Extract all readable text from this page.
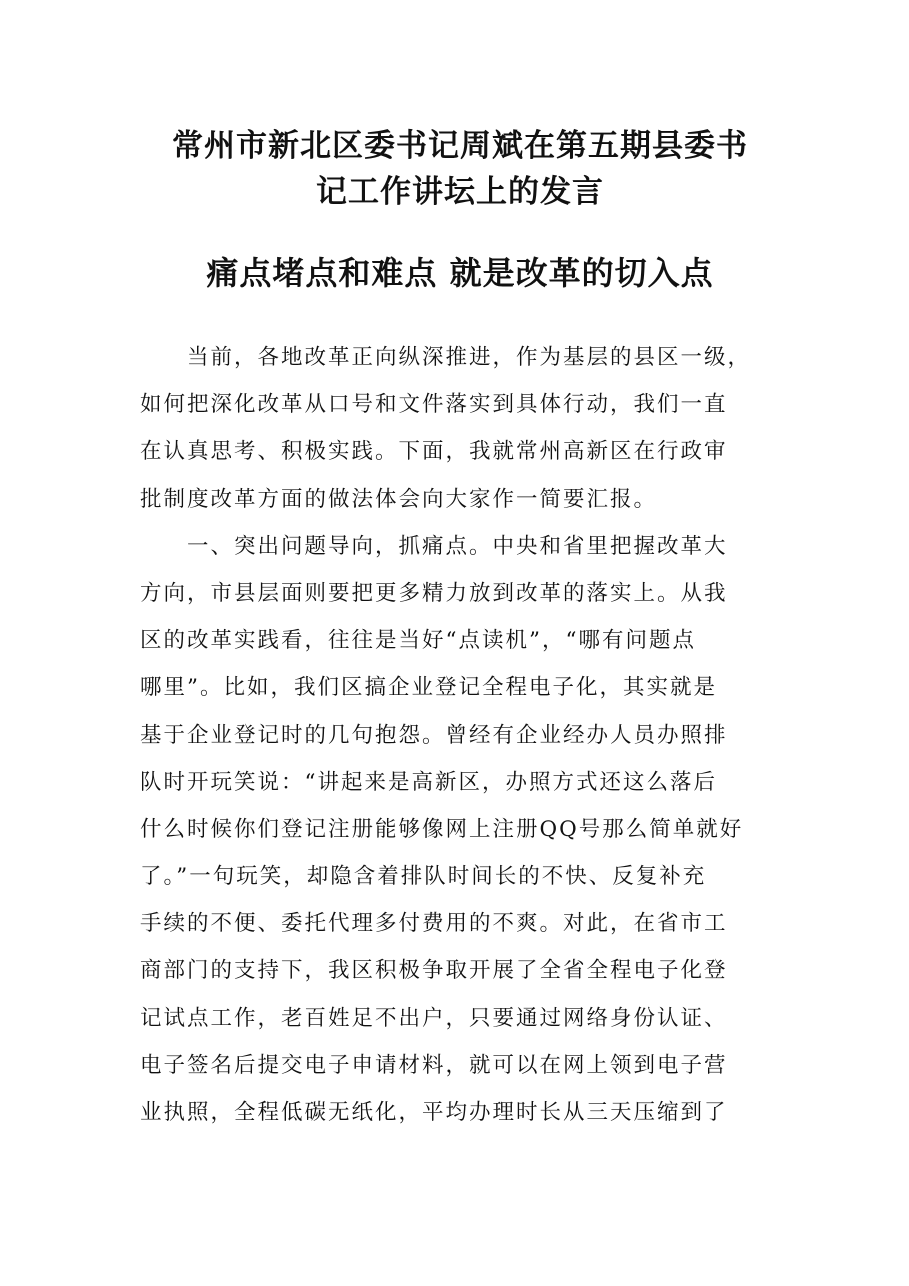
常州市新北区委书记周斌在第五期县委书
记工作讲坛上的发言
痛点堵点和难点 就是改革的切入点
　　当前，各地改革正向纵深推进，作为基层的县区一级，
如何把深化改革从口号和文件落实到具体行动，我们一直
在认真思考、积极实践。下面，我就常州高新区在行政审
批制度改革方面的做法体会向大家作一简要汇报。
　　一、突出问题导向，抓痛点。中央和省里把握改革大
方向，市县层面则要把更多精力放到改革的落实上。从我
区的改革实践看，往往是当好“点读机”，“哪有问题点
哪里”。比如，我们区搞企业登记全程电子化，其实就是
基于企业登记时的几句抱怨。曾经有企业经办人员办照排
队时开玩笑说：“讲起来是高新区，办照方式还这么落后
什么时候你们登记注册能够像网上注册QQ号那么简单就好
了。”一句玩笑，却隐含着排队时间长的不快、反复补充
手续的不便、委托代理多付费用的不爽。对此，在省市工
商部门的支持下，我区积极争取开展了全省全程电子化登
记试点工作，老百姓足不出户，只要通过网络身份认证、
电子签名后提交电子申请材料，就可以在网上领到电子营
业执照，全程低碳无纸化，平均办理时长从三天压缩到了
